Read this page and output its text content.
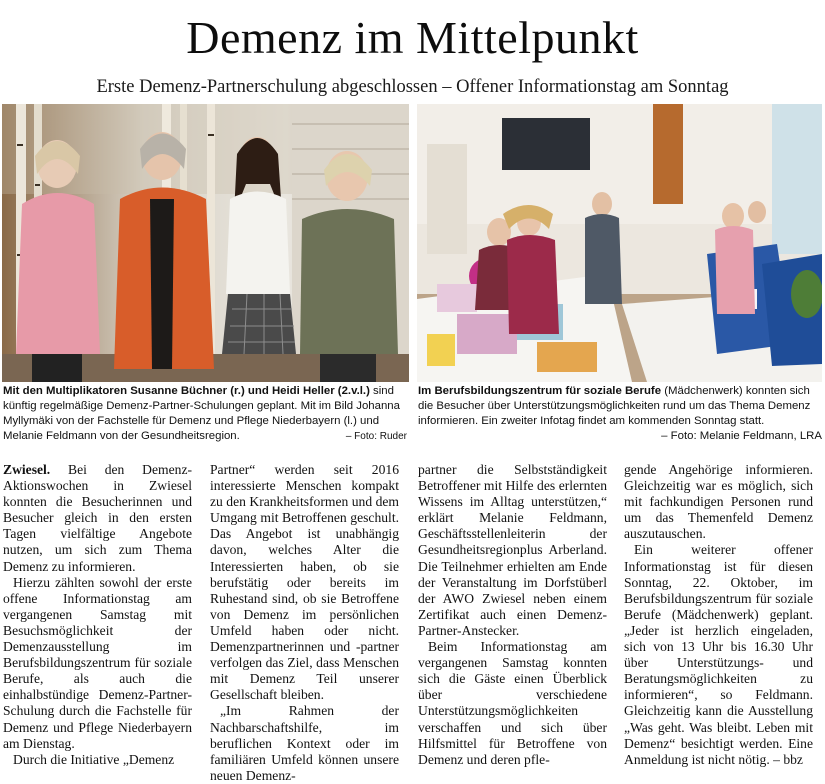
Demenz im Mittelpunkt
Erste Demenz-Partnerschulung abgeschlossen – Offener Informationstag am Sonntag
Mit den Multiplikatoren Susanne Büchner (r.) und Heidi Heller (2.v.l.) sind künftig regelmäßige Demenz-Partner-Schulungen geplant. Mit im Bild Johanna Myllymäki von der Fachstelle für Demenz und Pflege Niederbayern (l.) und Melanie Feldmann von der Gesundheitsregion.	– Foto: Ruder
Im Berufsbildungszentrum für soziale Berufe (Mädchenwerk) konnten sich die Besucher über Unterstützungsmöglichkeiten rund um das Thema Demenz informieren. Ein zweiter Infotag findet am kommenden Sonntag statt.
– Foto: Melanie Feldmann, LRA

Zwiesel. Bei den Demenz-Aktionswochen in Zwiesel konnten die Besucherinnen und Besucher gleich in den ersten Tagen vielfältige Angebote nutzen, um sich zum Thema Demenz zu informieren.

Hierzu zählten sowohl der erste offene Informationstag am vergangenen Samstag mit Besuchsmöglichkeit der Demenzausstellung im Berufsbildungszentrum für soziale Berufe, als auch die einhalbstündige Demenz-Partner-Schulung durch die Fachstelle für Demenz und Pflege Niederbayern am Dienstag.

Durch die Initiative „Demenz

Partner“ werden seit 2016 interessierte Menschen kompakt zu den Krankheitsformen und dem Umgang mit Betroffenen geschult. Das Angebot ist unabhängig davon, welches Alter die Interessierten haben, ob sie berufstätig oder bereits im Ruhestand sind, ob sie Betroffene von Demenz im persönlichen Umfeld haben oder nicht. Demenzpartnerinnen und -partner verfolgen das Ziel, dass Menschen mit Demenz Teil unserer Gesellschaft bleiben.

„Im Rahmen der Nachbarschaftshilfe, im beruflichen Kontext oder im familiären Umfeld können unsere neuen Demenz-

partner die Selbstständigkeit Betroffener mit Hilfe des erlernten Wissens im Alltag unterstützen,“ erklärt Melanie Feldmann, Geschäftsstellenleiterin der Gesundheitsregionplus Arberland. Die Teilnehmer erhielten am Ende der Veranstaltung im Dorfstüberl der AWO Zwiesel neben einem Zertifikat auch einen Demenz-Partner-Anstecker.

Beim Informationstag am vergangenen Samstag konnten sich die Gäste einen Überblick über verschiedene Unterstützungsmöglichkeiten verschaffen und sich über Hilfsmittel für Betroffene von Demenz und deren pfle-

gende Angehörige informieren. Gleichzeitig war es möglich, sich mit fachkundigen Personen rund um das Themenfeld Demenz auszutauschen.

Ein weiterer offener Informationstag ist für diesen Sonntag, 22. Oktober, im Berufsbildungszentrum für soziale Berufe (Mädchenwerk) geplant. „Jeder ist herzlich eingeladen, sich von 13 Uhr bis 16.30 Uhr über Unterstützungs- und Beratungsmöglichkeiten zu informieren“, so Feldmann. Gleichzeitig kann die Ausstellung „Was geht. Was bleibt. Leben mit Demenz“ besichtigt werden. Eine Anmeldung ist nicht nötig. – bbz
